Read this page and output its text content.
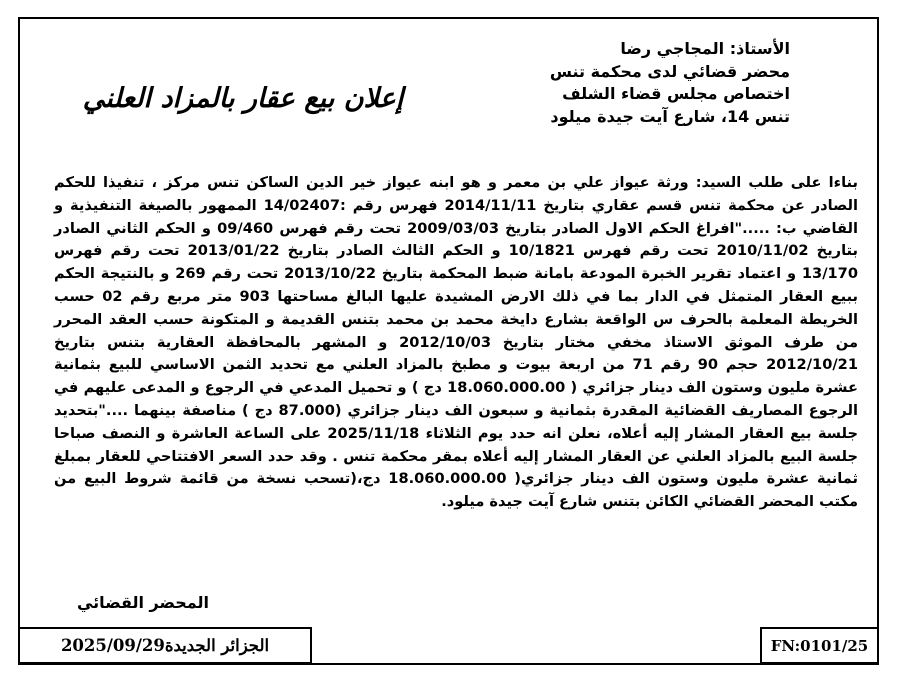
الأستاذ: المجاجي رضا
محضر قضائي لدى محكمة تنس
اختصاص مجلس قضاء الشلف
تنس 14، شارع آيت جيدة ميلود
إعلان بيع عقار بالمزاد العلني
بناءا على طلب السيد: ورثة عيواز علي بن معمر و هو ابنه عيواز خير الدين الساكن تنس مركز ، تنفيذا للحكم الصادر عن محكمة تنس قسم عقاري بتاريخ 2014/11/11 فهرس رقم :14/02407 الممهور بالصيغة التنفيذية و القاضي ب: ....."افراغ الحكم الاول الصادر بتاريخ 2009/03/03 تحت رقم فهرس 09/460 و الحكم الثاني الصادر بتاريخ 2010/11/02 تحت رقم فهرس 10/1821 و الحكم الثالث الصادر بتاريخ 2013/01/22 تحت رقم فهرس 13/170 و اعتماد تقرير الخبرة المودعة بامانة ضبط المحكمة بتاريخ 2013/10/22 تحت رقم 269 و بالنتيجة الحكم ببيع العقار المتمثل في الدار بما في ذلك الارض المشيدة عليها البالغ مساحتها 903 متر مربع رقم 02 حسب الخريطة المعلمة بالحرف س الواقعة بشارع دايخة محمد بن محمد بتنس القديمة و المتكونة حسب العقد المحرر من طرف الموثق الاستاذ مخفي مختار بتاريخ 2012/10/03 و المشهر بالمحافظة العقارية بتنس بتاريخ 2012/10/21 حجم 90 رقم 71 من اربعة بيوت و مطبخ بالمزاد العلني مع تحديد الثمن الاساسي للبيع بثمانية عشرة مليون وستون الف دينار جزائري ( 18.060.000.00 دج ) و تحميل المدعي في الرجوع و المدعى عليهم في الرجوع المصاريف القضائية المقدرة بثمانية و سبعون الف دينار جزائري (87.000 دج ) مناصفة بينهما ...."بتحديد جلسة بيع العقار المشار إليه أعلاه، نعلن انه حدد يوم الثلاثاء 2025/11/18 على الساعة العاشرة و النصف صباحا جلسة البيع بالمزاد العلني عن العقار المشار إليه أعلاه بمقر محكمة تنس . وقد حدد السعر الافتتاحي للعقار بمبلغ ثمانية عشرة مليون وستون الف دينار جزائري( 18.060.000.00 دج،(تسحب نسخة من قائمة شروط البيع من مكتب المحضر القضائي الكائن بتنس شارع آيت جيدة ميلود.
المحضر القضائي
الجزائر الجديدة
2025/09/29	FN:0101/25
